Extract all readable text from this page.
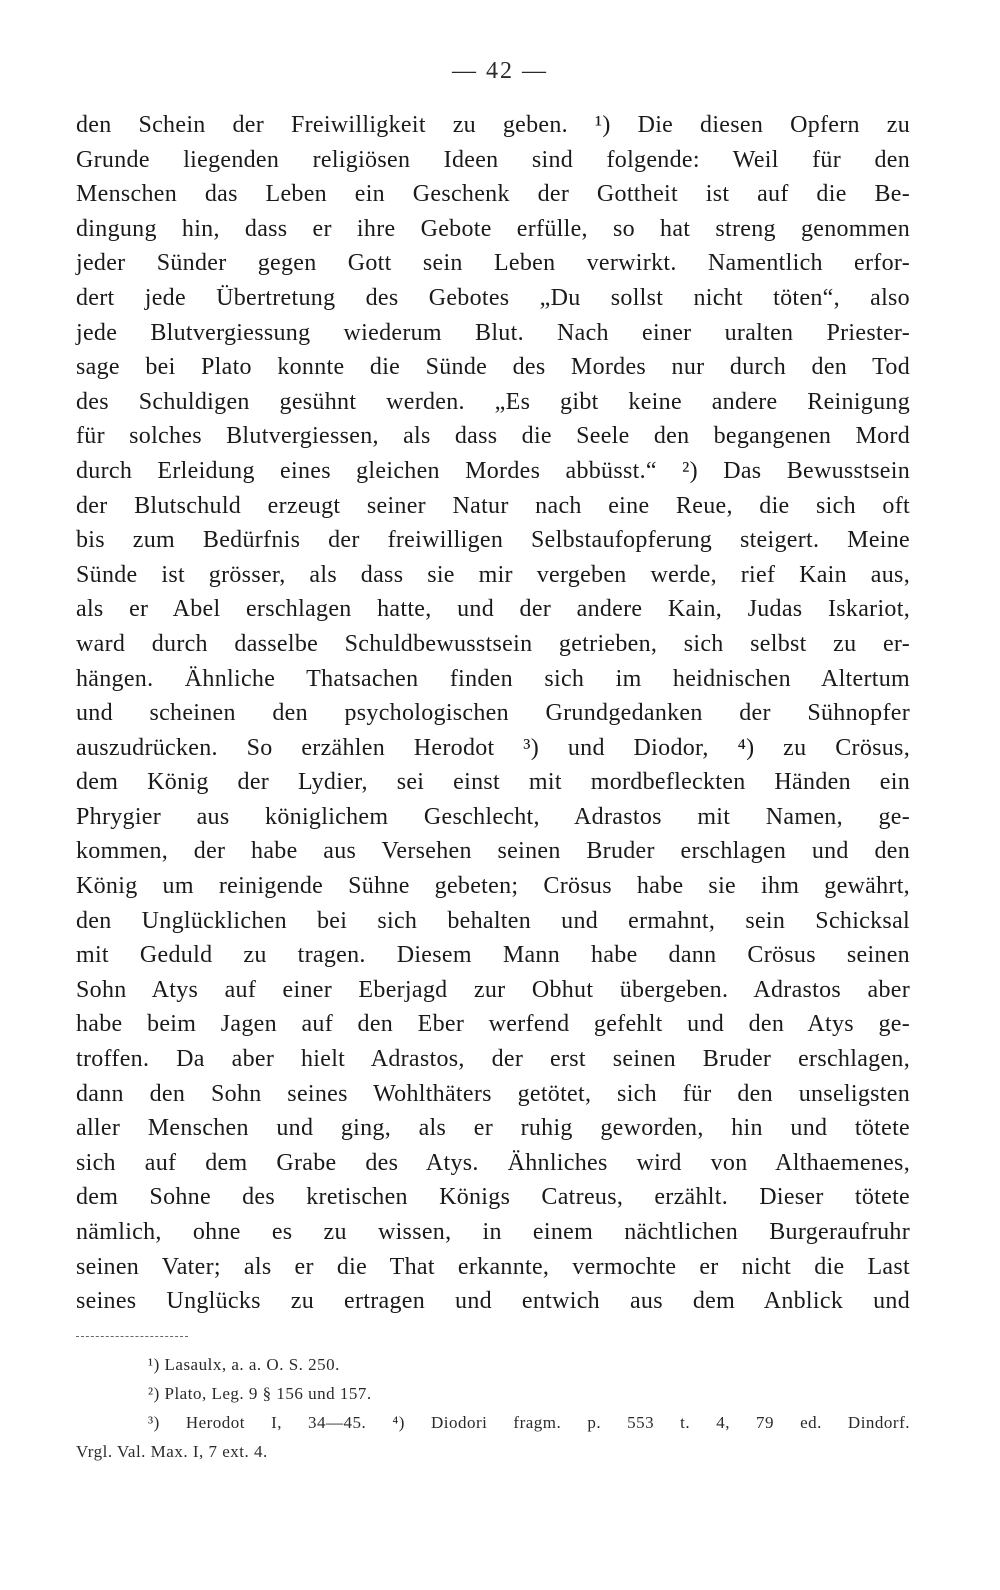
— 42 —
den Schein der Freiwilligkeit zu geben. ¹) Die diesen Opfern zu
Grunde liegenden religiösen Ideen sind folgende: Weil für den
Menschen das Leben ein Geschenk der Gottheit ist auf die Be-
dingung hin, dass er ihre Gebote erfülle, so hat streng genommen
jeder Sünder gegen Gott sein Leben verwirkt. Namentlich erfor-
dert jede Übertretung des Gebotes „Du sollst nicht töten“, also
jede Blutvergiessung wiederum Blut. Nach einer uralten Priester-
sage bei Plato konnte die Sünde des Mordes nur durch den Tod
des Schuldigen gesühnt werden. „Es gibt keine andere Reinigung
für solches Blutvergiessen, als dass die Seele den begangenen Mord
durch Erleidung eines gleichen Mordes abbüsst.“ ²) Das Bewusstsein
der Blutschuld erzeugt seiner Natur nach eine Reue, die sich oft
bis zum Bedürfnis der freiwilligen Selbstaufopferung steigert. Meine
Sünde ist grösser, als dass sie mir vergeben werde, rief Kain aus,
als er Abel erschlagen hatte, und der andere Kain, Judas Iskariot,
ward durch dasselbe Schuldbewusstsein getrieben, sich selbst zu er-
hängen. Ähnliche Thatsachen finden sich im heidnischen Altertum
und scheinen den psychologischen Grundgedanken der Sühnopfer
auszudrücken. So erzählen Herodot ³) und Diodor, ⁴) zu Crösus,
dem König der Lydier, sei einst mit mordbefleckten Händen ein
Phrygier aus königlichem Geschlecht, Adrastos mit Namen, ge-
kommen, der habe aus Versehen seinen Bruder erschlagen und den
König um reinigende Sühne gebeten; Crösus habe sie ihm gewährt,
den Unglücklichen bei sich behalten und ermahnt, sein Schicksal
mit Geduld zu tragen. Diesem Mann habe dann Crösus seinen
Sohn Atys auf einer Eberjagd zur Obhut übergeben. Adrastos aber
habe beim Jagen auf den Eber werfend gefehlt und den Atys ge-
troffen. Da aber hielt Adrastos, der erst seinen Bruder erschlagen,
dann den Sohn seines Wohlthäters getötet, sich für den unseligsten
aller Menschen und ging, als er ruhig geworden, hin und tötete
sich auf dem Grabe des Atys. Ähnliches wird von Althaemenes,
dem Sohne des kretischen Königs Catreus, erzählt. Dieser tötete
nämlich, ohne es zu wissen, in einem nächtlichen Burgeraufruhr
seinen Vater; als er die That erkannte, vermochte er nicht die Last
seines Unglücks zu ertragen und entwich aus dem Anblick und
¹) Lasaulx, a. a. O. S. 250.
²) Plato, Leg. 9 § 156 und 157.
³) Herodot I, 34—45. ⁴) Diodori fragm. p. 553 t. 4, 79 ed. Dindorf.
Vrgl. Val. Max. I, 7 ext. 4.
